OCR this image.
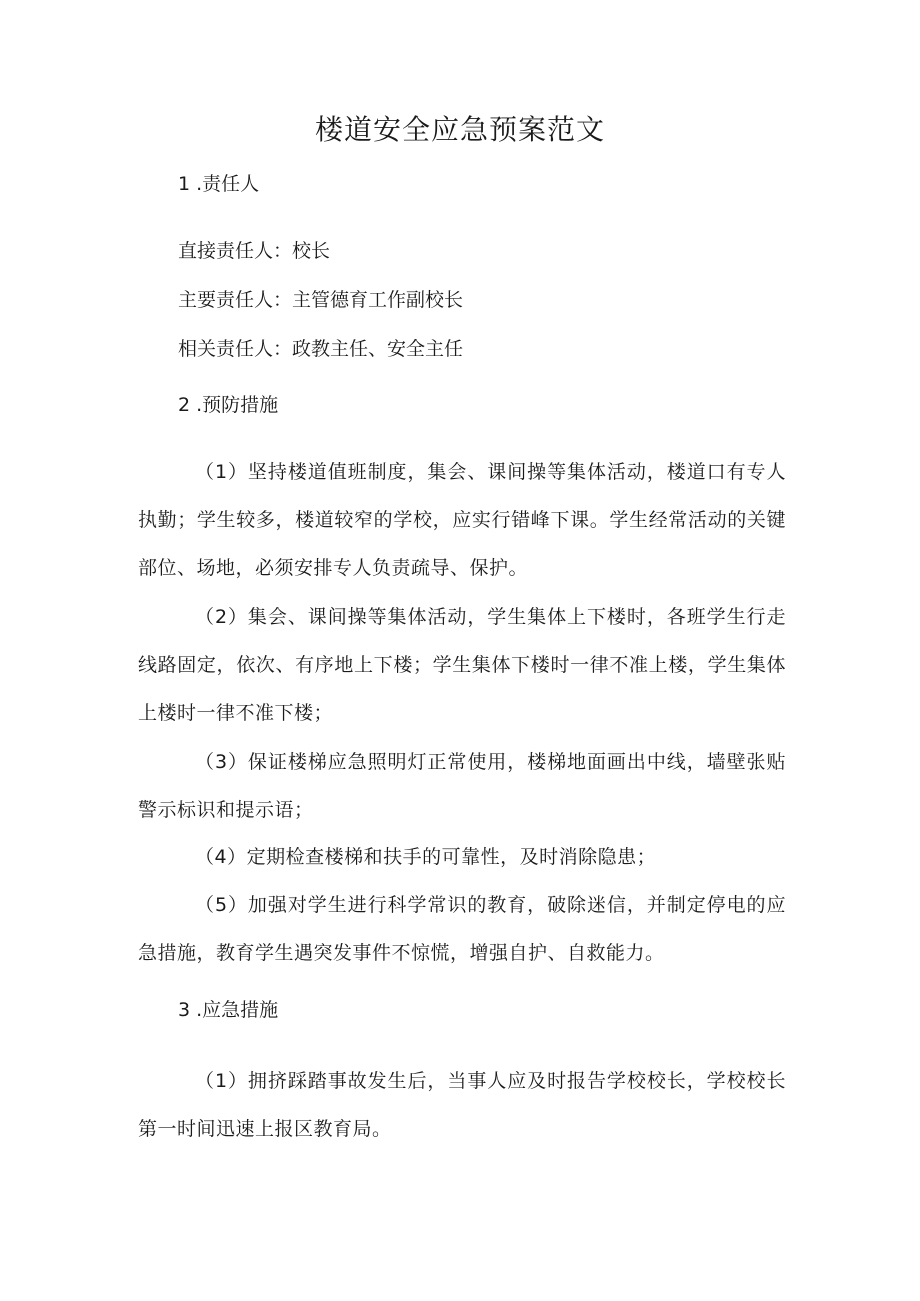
楼道安全应急预案范文
1 .责任人
直接责任人：校长
主要责任人：主管德育工作副校长
相关责任人：政教主任、安全主任
2 .预防措施
（1）坚持楼道值班制度，集会、课间操等集体活动，楼道口有专人执勤；学生较多，楼道较窄的学校，应实行错峰下课。学生经常活动的关键部位、场地，必须安排专人负责疏导、保护。
（2）集会、课间操等集体活动，学生集体上下楼时，各班学生行走线路固定，依次、有序地上下楼；学生集体下楼时一律不准上楼，学生集体上楼时一律不准下楼；
（3）保证楼梯应急照明灯正常使用，楼梯地面画出中线，墙壁张贴警示标识和提示语；
（4）定期检查楼梯和扶手的可靠性，及时消除隐患；
（5）加强对学生进行科学常识的教育，破除迷信，并制定停电的应急措施，教育学生遇突发事件不惊慌，增强自护、自救能力。
3 .应急措施
（1）拥挤踩踏事故发生后，当事人应及时报告学校校长，学校校长第一时间迅速上报区教育局。
